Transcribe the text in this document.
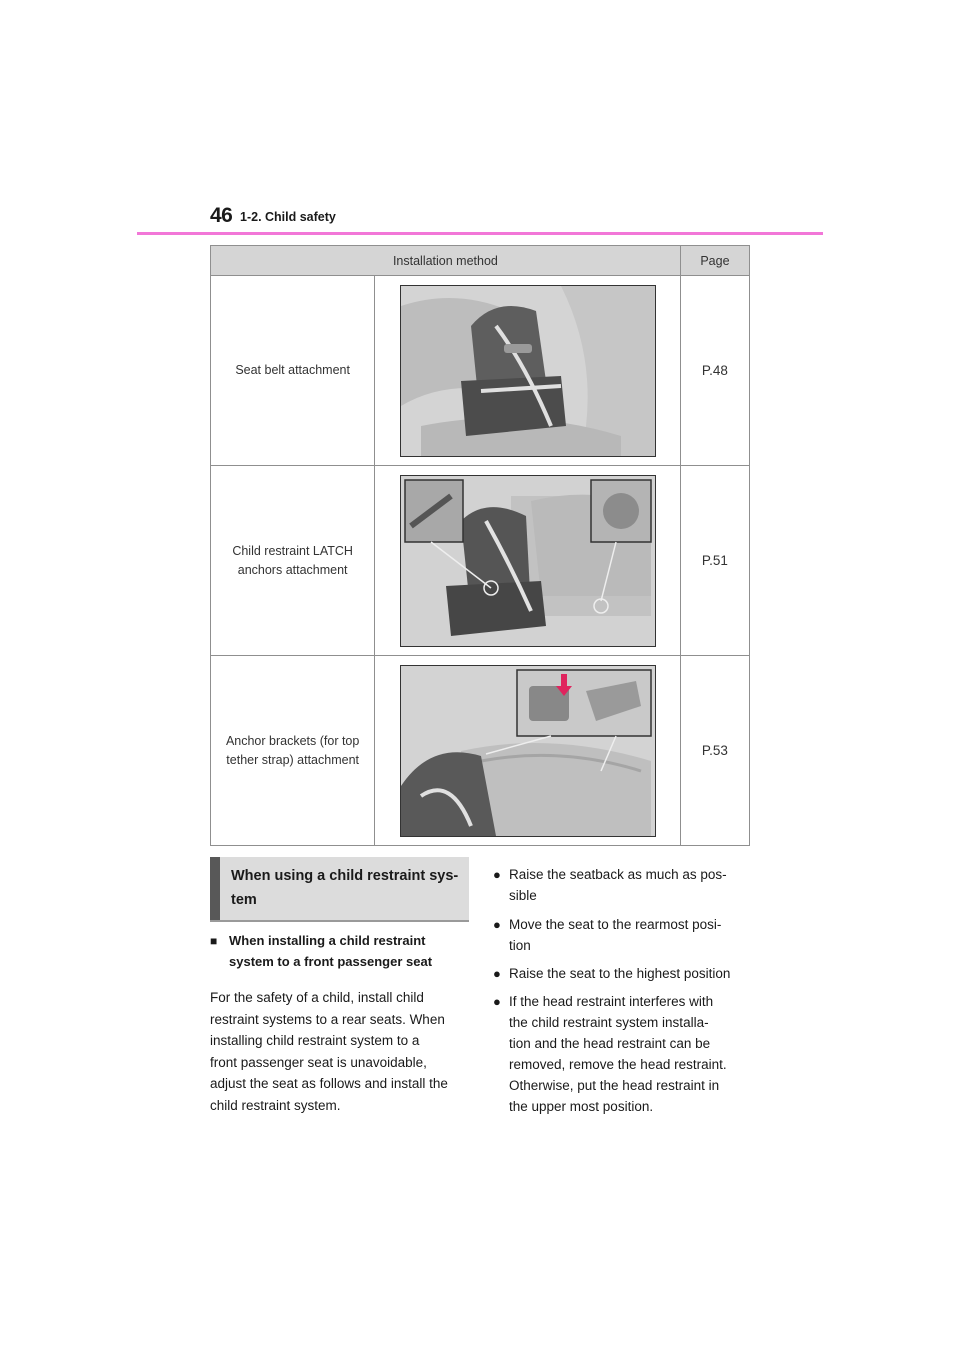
46 1-2. Child safety
Installation method		Page

Seat belt attachment		P.48

Child restraint LATCH
anchors attachment		P.51

Anchor brackets (for top
tether strap) attachment		P.53
When using a child restraint sys-
tem
■ When installing a child restraint
system to a front passenger seat
For the safety of a child, install child
restraint systems to a rear seats. When
installing child restraint system to a
front passenger seat is unavoidable,
adjust the seat as follows and install the
child restraint system.
● Raise the seatback as much as pos-
sible
● Move the seat to the rearmost posi-
tion
● Raise the seat to the highest position
● If the head restraint interferes with
the child restraint system installa-
tion and the head restraint can be
removed, remove the head restraint.
Otherwise, put the head restraint in
the upper most position.
